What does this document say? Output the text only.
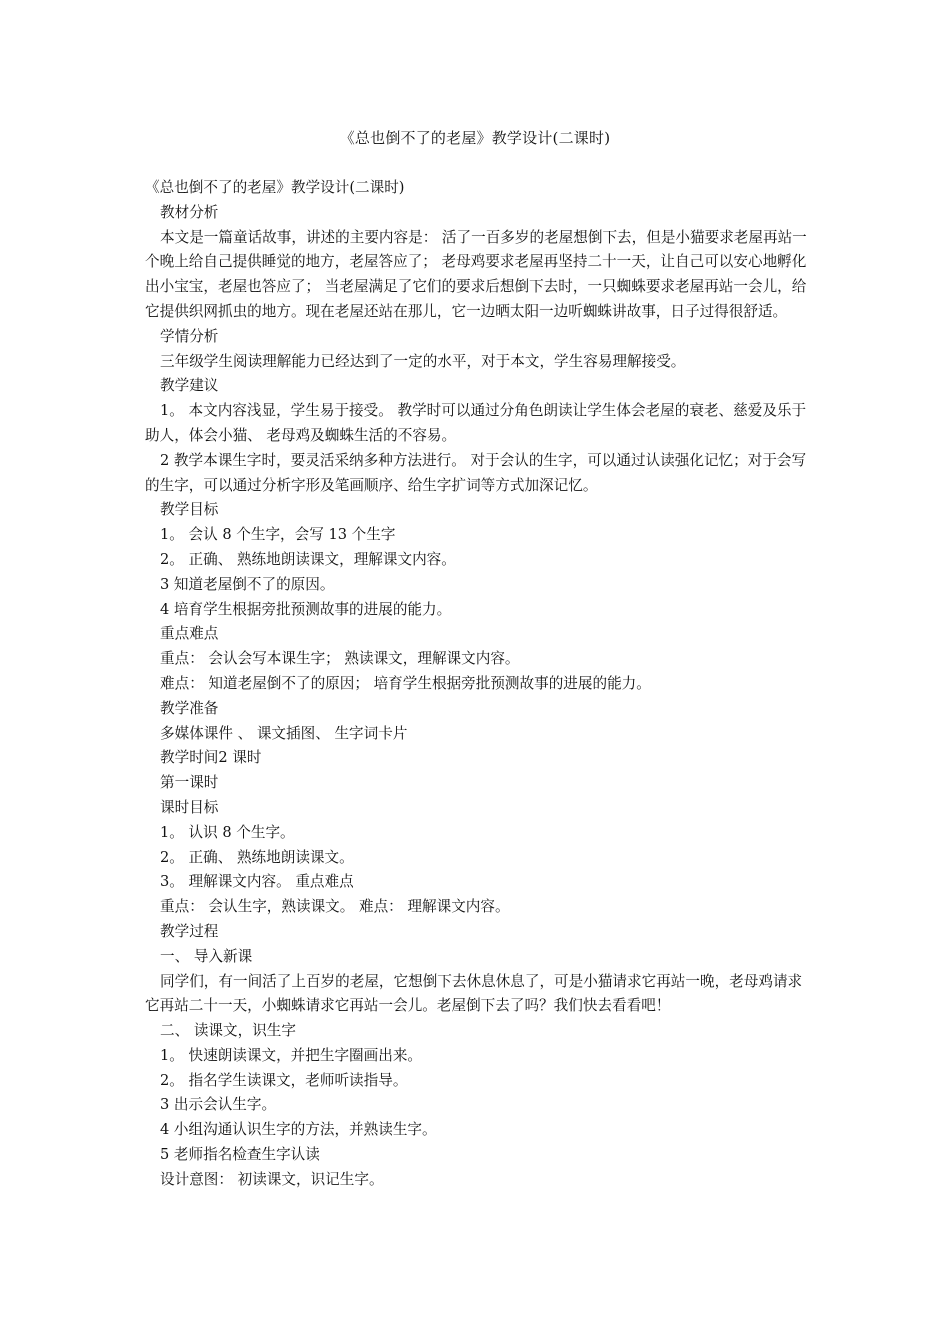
《总也倒不了的老屋》教学设计(二课时)

《总也倒不了的老屋》教学设计(二课时)

教材分析

本文是一篇童话故事，讲述的主要内容是： 活了一百多岁的老屋想倒下去，但是小猫要求老屋再站一个晚上给自己提供睡觉的地方，老屋答应了； 老母鸡要求老屋再坚持二十一天，让自己可以安心地孵化出小宝宝，老屋也答应了； 当老屋满足了它们的要求后想倒下去时，一只蜘蛛要求老屋再站一会儿，给它提供织网抓虫的地方。现在老屋还站在那儿，它一边晒太阳一边听蜘蛛讲故事，日子过得很舒适。

学情分析

三年级学生阅读理解能力已经达到了一定的水平，对于本文，学生容易理解接受。

教学建议

1。 本文内容浅显，学生易于接受。 教学时可以通过分角色朗读让学生体会老屋的衰老、慈爱及乐于助人，体会小猫、 老母鸡及蜘蛛生活的不容易。

2 教学本课生字时，要灵活采纳多种方法进行。 对于会认的生字，可以通过认读强化记忆；对于会写的生字，可以通过分析字形及笔画顺序、给生字扩词等方式加深记忆。

教学目标

1。 会认 8 个生字，会写 13 个生字

2。 正确、 熟练地朗读课文，理解课文内容。

3 知道老屋倒不了的原因。

4 培育学生根据旁批预测故事的进展的能力。

重点难点

重点： 会认会写本课生字； 熟读课文，理解课文内容。

难点： 知道老屋倒不了的原因； 培育学生根据旁批预测故事的进展的能力。

教学准备

多媒体课件 、 课文插图、 生字词卡片

教学时间2 课时

第一课时

课时目标

1。 认识 8 个生字。

2。 正确、 熟练地朗读课文。

3。 理解课文内容。 重点难点

重点： 会认生字，熟读课文。 难点： 理解课文内容。

教学过程

一、 导入新课

同学们，有一间活了上百岁的老屋，它想倒下去休息休息了，可是小猫请求它再站一晚，老母鸡请求它再站二十一天，小蜘蛛请求它再站一会儿。老屋倒下去了吗？我们快去看看吧！

二、 读课文，识生字

1。 快速朗读课文，并把生字圈画出来。

2。 指名学生读课文，老师听读指导。

3 出示会认生字。

4 小组沟通认识生字的方法，并熟读生字。

5 老师指名检查生字认读

设计意图： 初读课文，识记生字。
